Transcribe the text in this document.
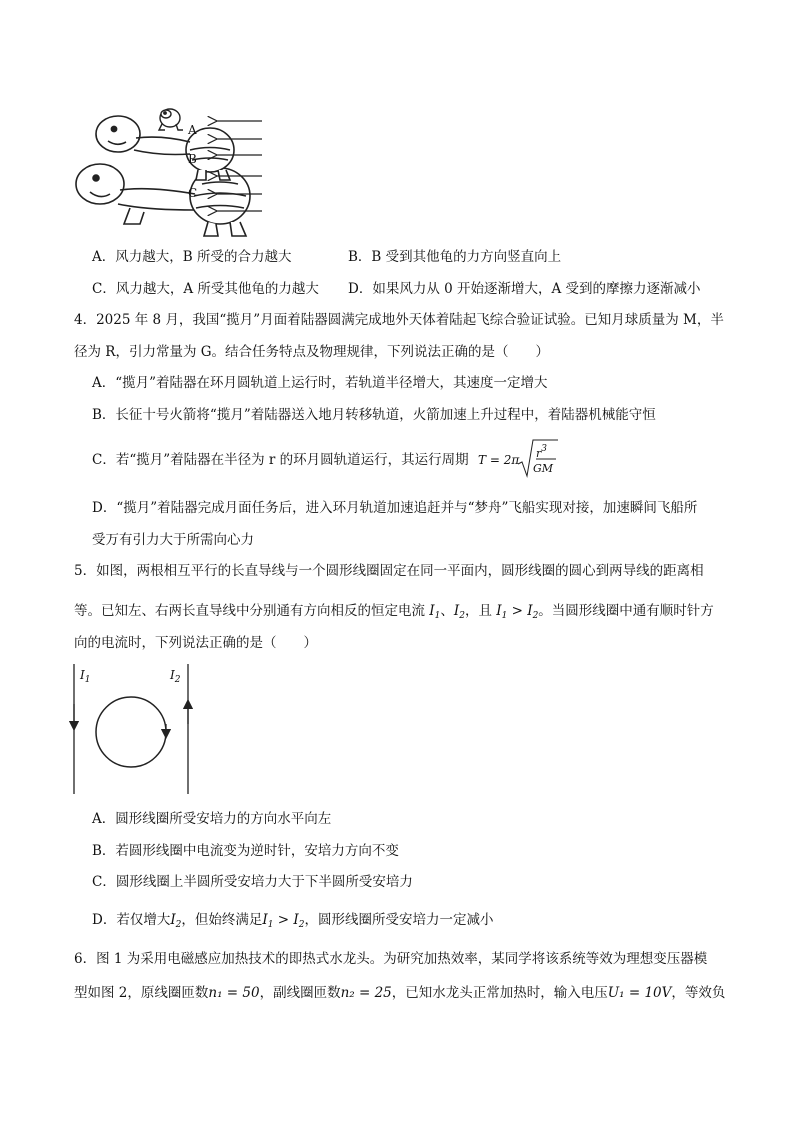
A
B
C
A．风力越大，B 所受的合力越大	B．B 受到其他龟的力方向竖直向上
C．风力越大，A 所受其他龟的力越大 D．如果风力从 0 开始逐渐增大，A 受到的摩擦力逐渐减小
4．2025 年 8 月，我国“揽月”月面着陆器圆满完成地外天体着陆起飞综合验证试验。已知月球质量为 M，半
径为 R，引力常量为 G。结合任务特点及物理规律，下列说法正确的是（　　）
A．“揽月”着陆器在环月圆轨道上运行时，若轨道半径增大，其速度一定增大
B．长征十号火箭将“揽月”着陆器送入地月转移轨道，火箭加速上升过程中，着陆器机械能守恒
C．若“揽月”着陆器在半径为 r 的环月圆轨道运行，其运行周期 T = 2π $r^3$
GM
D．“揽月”着陆器完成月面任务后，进入环月轨道加速追赶并与“梦舟”飞船实现对接，加速瞬间飞船所
受万有引力大于所需向心力
5．如图，两根相互平行的长直导线与一个圆形线圈固定在同一平面内，圆形线圈的圆心到两导线的距离相
等。已知左、右两长直导线中分别通有方向相反的恒定电流 $I_1$、$I_2$，且 $I_1 > I_2$。当圆形线圈中通有顺时针方
向的电流时，下列说法正确的是（　　）
$I_1$	$I_2$
A．圆形线圈所受安培力的方向水平向左
B．若圆形线圈中电流变为逆时针，安培力方向不变
C．圆形线圈上半圆所受安培力大于下半圆所受安培力
D．若仅增大$I_2$，但始终满足$I_1 > I_2$，圆形线圈所受安培力一定减小
6．图 1 为采用电磁感应加热技术的即热式水龙头。为研究加热效率，某同学将该系统等效为理想变压器模
型如图 2，原线圈匝数n₁ = 50，副线圈匝数n₂ = 25，已知水龙头正常加热时，输入电压U₁ = 10V，等效负
